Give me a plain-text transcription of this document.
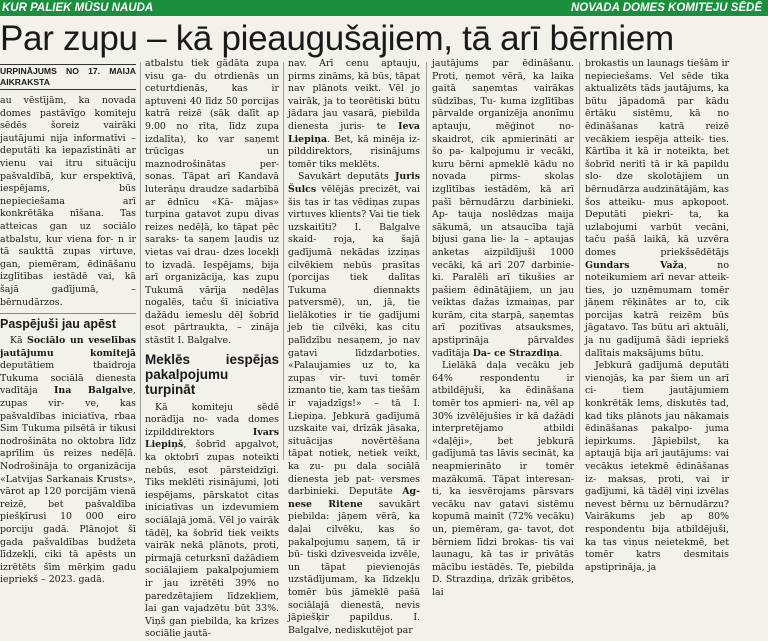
KUR PALIEK MŪSU NAUDA	NOVADA DOMES KOMITEJU SĒDĒ
Par zupu – kā pieaugušajiem, tā arī bērniem
URPINĀJUMS NO 17. MAIJA AIKRAKSTA

au vēstījām, ka novada domes pastāvīgo komiteju sēdēs šoreiz vairāki jautājumi nija informatīvi – deputāti ka iepazīstināti ar vienu vai itru situāciju pašvaldībā, kur erspektīvā, iespējams, būs nepieciešama arī konkrētāka nīšana. Tas atteicas gan uz sociālo atbalstu, kur viena for- n ir tā saukttā zupas virtuve, gan, piemēram, ēdināšanu izglītības iestādē vai, kā šajā gadījumā, – bērnudārzos.

Paspējuši jau apēst

Kā Sociālo un veselības jautājumu komitejā deputātiem tbaidroja Tukuma sociālā dienesta vadītāja Ina Balgalve, zupas vir- ve, kas pašvaldības iniciatīva, rbaa Sim Tukuma pilsētā ir tikusi nodrošināta no oktobra līdz aprīlim ūs reizes nedēļā. Nodrošināja to organizācija «Latvijas Sarkanais Krusts», vārot ap 120 porcijām vienā reizē, bet pašvaldība piešķīrusi 10 000 eiro porciju gadā. Plānojot šī gada pašvaldības budžeta līdzekļi, ciki tā apēsts un izrētēts šīm mērķim gadu iepriekš – 2023. gadā.

atbalstu tiek gādāta zupa visu ga- du otrdienās un ceturtdienās, kas ir aptuveni 40 līdz 50 porcijas katrā reizē (sāk dalīt ap 9.00 no rīta, līdz zupa izdalīta), ko var saņemt trūcīgas un maznodrošinātas per- sonas. Tāpat arī Kandavā luterāņu draudze sadarbībā ar ēdnīcu «Kā- mājas» turpina gatavot zupu divas reizes nedēļā, ko tāpat pēc saraks- ta saņem ļaudis uz vietas vai drau- dzes locekļi to izvadā. Iespējams, bija arī organizācija, kas zupu Tukumā vārīja nedēļas nogalēs, taču šī iniciatīva dažādu iemeslu dēļ šobrīd esot pārtraukta, – zināja stāstīt I. Balgalve.

Meklēs iespējas pakalpojumu turpināt

Kā komiteju sēdē norādīja no- vada domes izpilddirektors Ivars Liepiņš, šobrīd apgalvot, ka oktobrī zupas noteikti nebūs, esot pārsteidzīgi. Tiks meklēti risinājumi, ļoti iespējams, pārskatot citas iniciatīvas un izdevumiem sociālajā jomā. Vēl jo vairāk tādēļ, ka šobrīd tiek veikts vairāk nekā plānots, proti, pirmajā ceturksnī dažādiem sociālajiem pakalpojumiem ir jau izrētēti 39% no paredzētajiem līdzekļiem, lai gan vajadzētu būt 33%. Viņš gan piebilda, ka krīzes sociālie jautā-

nav. Arī cenu aptauju, pirms zināms, kā būs, tāpat nav plānots veikt. Vēl jo vairāk, ja to teorētiski būtu jādara jau vasarā, piebilda dienesta juris- te Ieva Liepiņa. Bet, kā minēja iz- pilddirektors, risinājums tomēr tiks meklēts.

Savukārt deputāts Juris Šulcs vēlējās precizēt, vai šis tas ir tas vēdiņas zupas virtuves klients? Vai tie tiek uzskaitīti? I. Balgalve skaid- roja, ka šajā gadījumā nekādas izziņas cilvēkiem nebūs prasītas (porcijas tiek dalītas Tukuma diennakts patversmē), un, jā, tie lielākoties ir tie gadījumi jeb tie cilvēki, kas citu palīdzību nesaņem, jo nav gatavi līdzdarboties. «Palaujamies uz to, ka zupas vir- tuvi tomēr izmanto tie, kam tas tiešām ir vajadzīgs!» – tā I. Liepiņa. Jebkurā gadījumā uzskaite vai, drīzāk jāsaka, situācijas novērtēšana tāpat notiek, netiek veikt, ka zu- pu dala sociālā dienesta jeb pat- versmes darbinieki. Deputāte Ag- nese Ritene savukārt piebilda: jāņem vērā, ka daļai cilvēku, kas šo pakalpojumu saņem, tā ir bū- tiski dzīvesveida izvēle, un tāpat pievienojās uzstādījumam, ka līdzekļu tomēr būs jāmeklē pašā sociālajā dienestā, nevis jāpiešķir papildus. I. Balgalve, nediskutējot par

jautājums par ēdināšanu. Proti, ņemot vērā, ka laika gaitā saņemtas vairākas sūdzības, Tu- kuma izglītības pārvalde organizēja anonīmu aptauju, mēģinot no- skaidrot, cik apmierināti ar šo pa- kalpojumu ir vecāki, kuru bērni apmeklē kādu no novada pirms- skolas izglītības iestādēm, kā arī pašī bērnudārzu darbinieki. Ap- tauja noslēdzas maija sākumā, un atsaucība tajā bijusi gana lie- la – aptaujas anketas aizpildījuši 1000 vecāki, kā arī 207 darbinie- ki. Paralēli arī tikušies ar pašiem ēdinātājiem, un jau veiktas dažas izmaiņas, par kurām, cita starpā, saņemtas arī pozitīvas atsauksmes, apstiprināja pārvaldes vadītāja Da- ce Strazdiņa.

Lielākā daļa vecāku jeb 64% respondentu ir atbildējuši, ka ēdināšana tomēr tos apmieri- na, vēl ap 30% izvēlējušies ir kā dažādi interpretējamo atbildi «daļēji», bet jebkurā gadījumā tas lāvis secināt, ka neapmierināto ir tomēr mazākumā. Tāpat interesan- ti, ka iesvērojams pārsvars vecāku nav gatavi sistēmu kopumā mainīt (72% vecāku) un, piemēram, ga- tavot, dot bērniem līdzi brokas- tis vai launagu, kā tas ir privātās mācību iestādēs. Te, piebilda D. Strazdiņa, drīzāk gribētos, lai

brokastis un launags tiešām ir nepieciešams. Vel sēde tika aktualizēts tāds jautājums, ka būtu jāpadomā par kādu ērtāku sistēmu, kā no ēdināšanas katrā reizē vecākiem iespēja atteik- ties. Kārtība it kā ir noteikta, bet šobrīd neritī tā ir kā papildu slo- dze skolotājiem un bērnudārza audzinātājām, kas šos atteiku- mus apkopoot. Deputāti piekri- ta, ka uzlabojumi varbūt vecāni, taču pašā laikā, kā uzvēra domes priekšsēdētājs Gundars Važa, no noteikumiem arī nevar atteik- ties, jo uzņēmumam tomēr jāņem rēķinātes ar to, cik porcijas katrā reizēm būs jāgatavo. Tas būtu arī aktuāli, ja nu gadījumā šādi iepriekš dalītais maksājums būtu.

Jebkurā gadījumā deputāti vienojās, ka par šiem un arī ci- tiem jautājumiem konkrētāk lems, diskutēs tad, kad tiks plānots jau nākamais ēdināšanas pakalpo- juma iepirkums. Jāpiebilst, ka aptaujā bija arī jautājums: vai vecākus ietekmē ēdināšanas iz- maksas, proti, vai ir gadījumi, kā tādēļ viņi izvēlas nevest bērnu uz bērnudārzu? Vairākums jeb ap 80% respondentu bija atbildējuši, ka tas viņus neietekmē, bet tomēr katrs desmitais apstiprināja, ja
